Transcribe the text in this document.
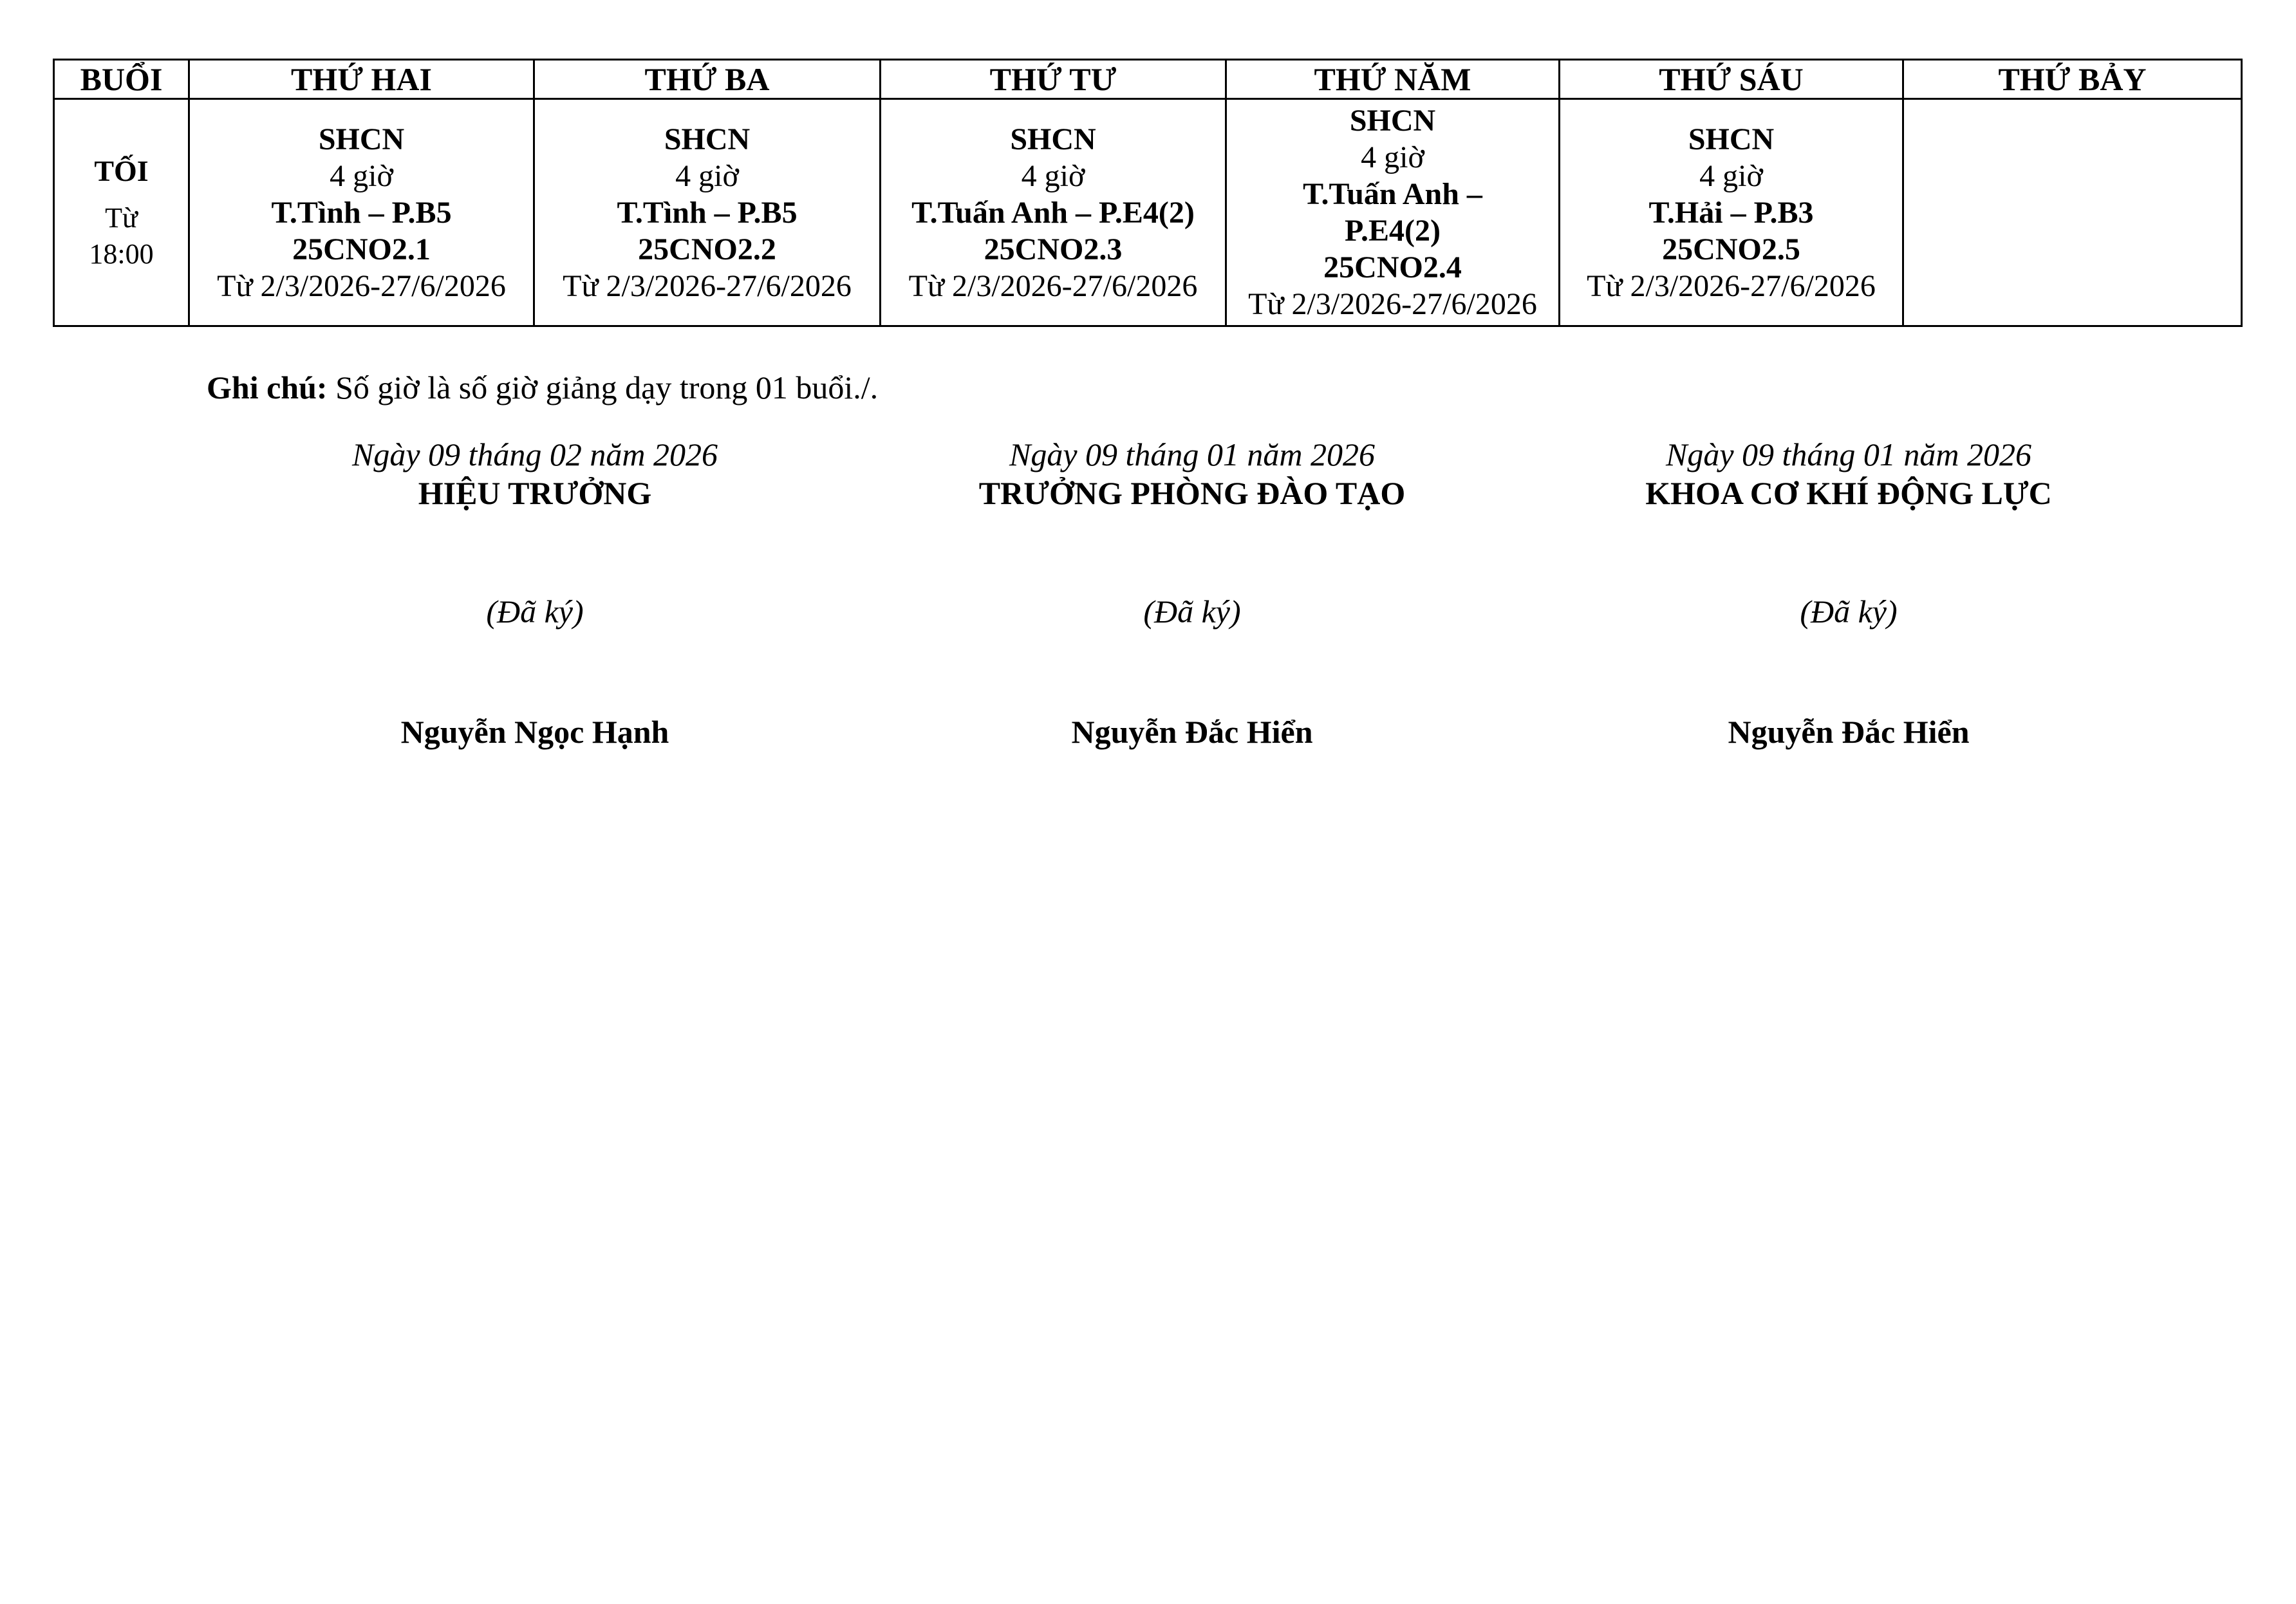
BUỔI	THỨ HAI	THỨ BA	THỨ TƯ	THỨ NĂM	THỨ SÁU	THỨ BẢY

TỐI
Từ
18:00	SHCN
4 giờ
T.Tình – P.B5
25CNO2.1
Từ 2/3/2026-27/6/2026	SHCN
4 giờ
T.Tình – P.B5
25CNO2.2
Từ 2/3/2026-27/6/2026	SHCN
4 giờ
T.Tuấn Anh – P.E4(2)
25CNO2.3
Từ 2/3/2026-27/6/2026	SHCN
4 giờ
T.Tuấn Anh – P.E4(2)
25CNO2.4
Từ 2/3/2026-27/6/2026	SHCN
4 giờ
T.Hải – P.B3
25CNO2.5
Từ 2/3/2026-27/6/2026	

Ghi chú: Số giờ là số giờ giảng dạy trong 01 buổi./.
Ngày 09 tháng 02 năm 2026
HIỆU TRƯỞNG
(Đã ký)
Nguyễn Ngọc Hạnh
Ngày 09 tháng 01 năm 2026
TRƯỞNG PHÒNG ĐÀO TẠO
(Đã ký)
Nguyễn Đắc Hiển
Ngày 09 tháng 01 năm 2026
KHOA CƠ KHÍ ĐỘNG LỰC
(Đã ký)
Nguyễn Đắc Hiển
